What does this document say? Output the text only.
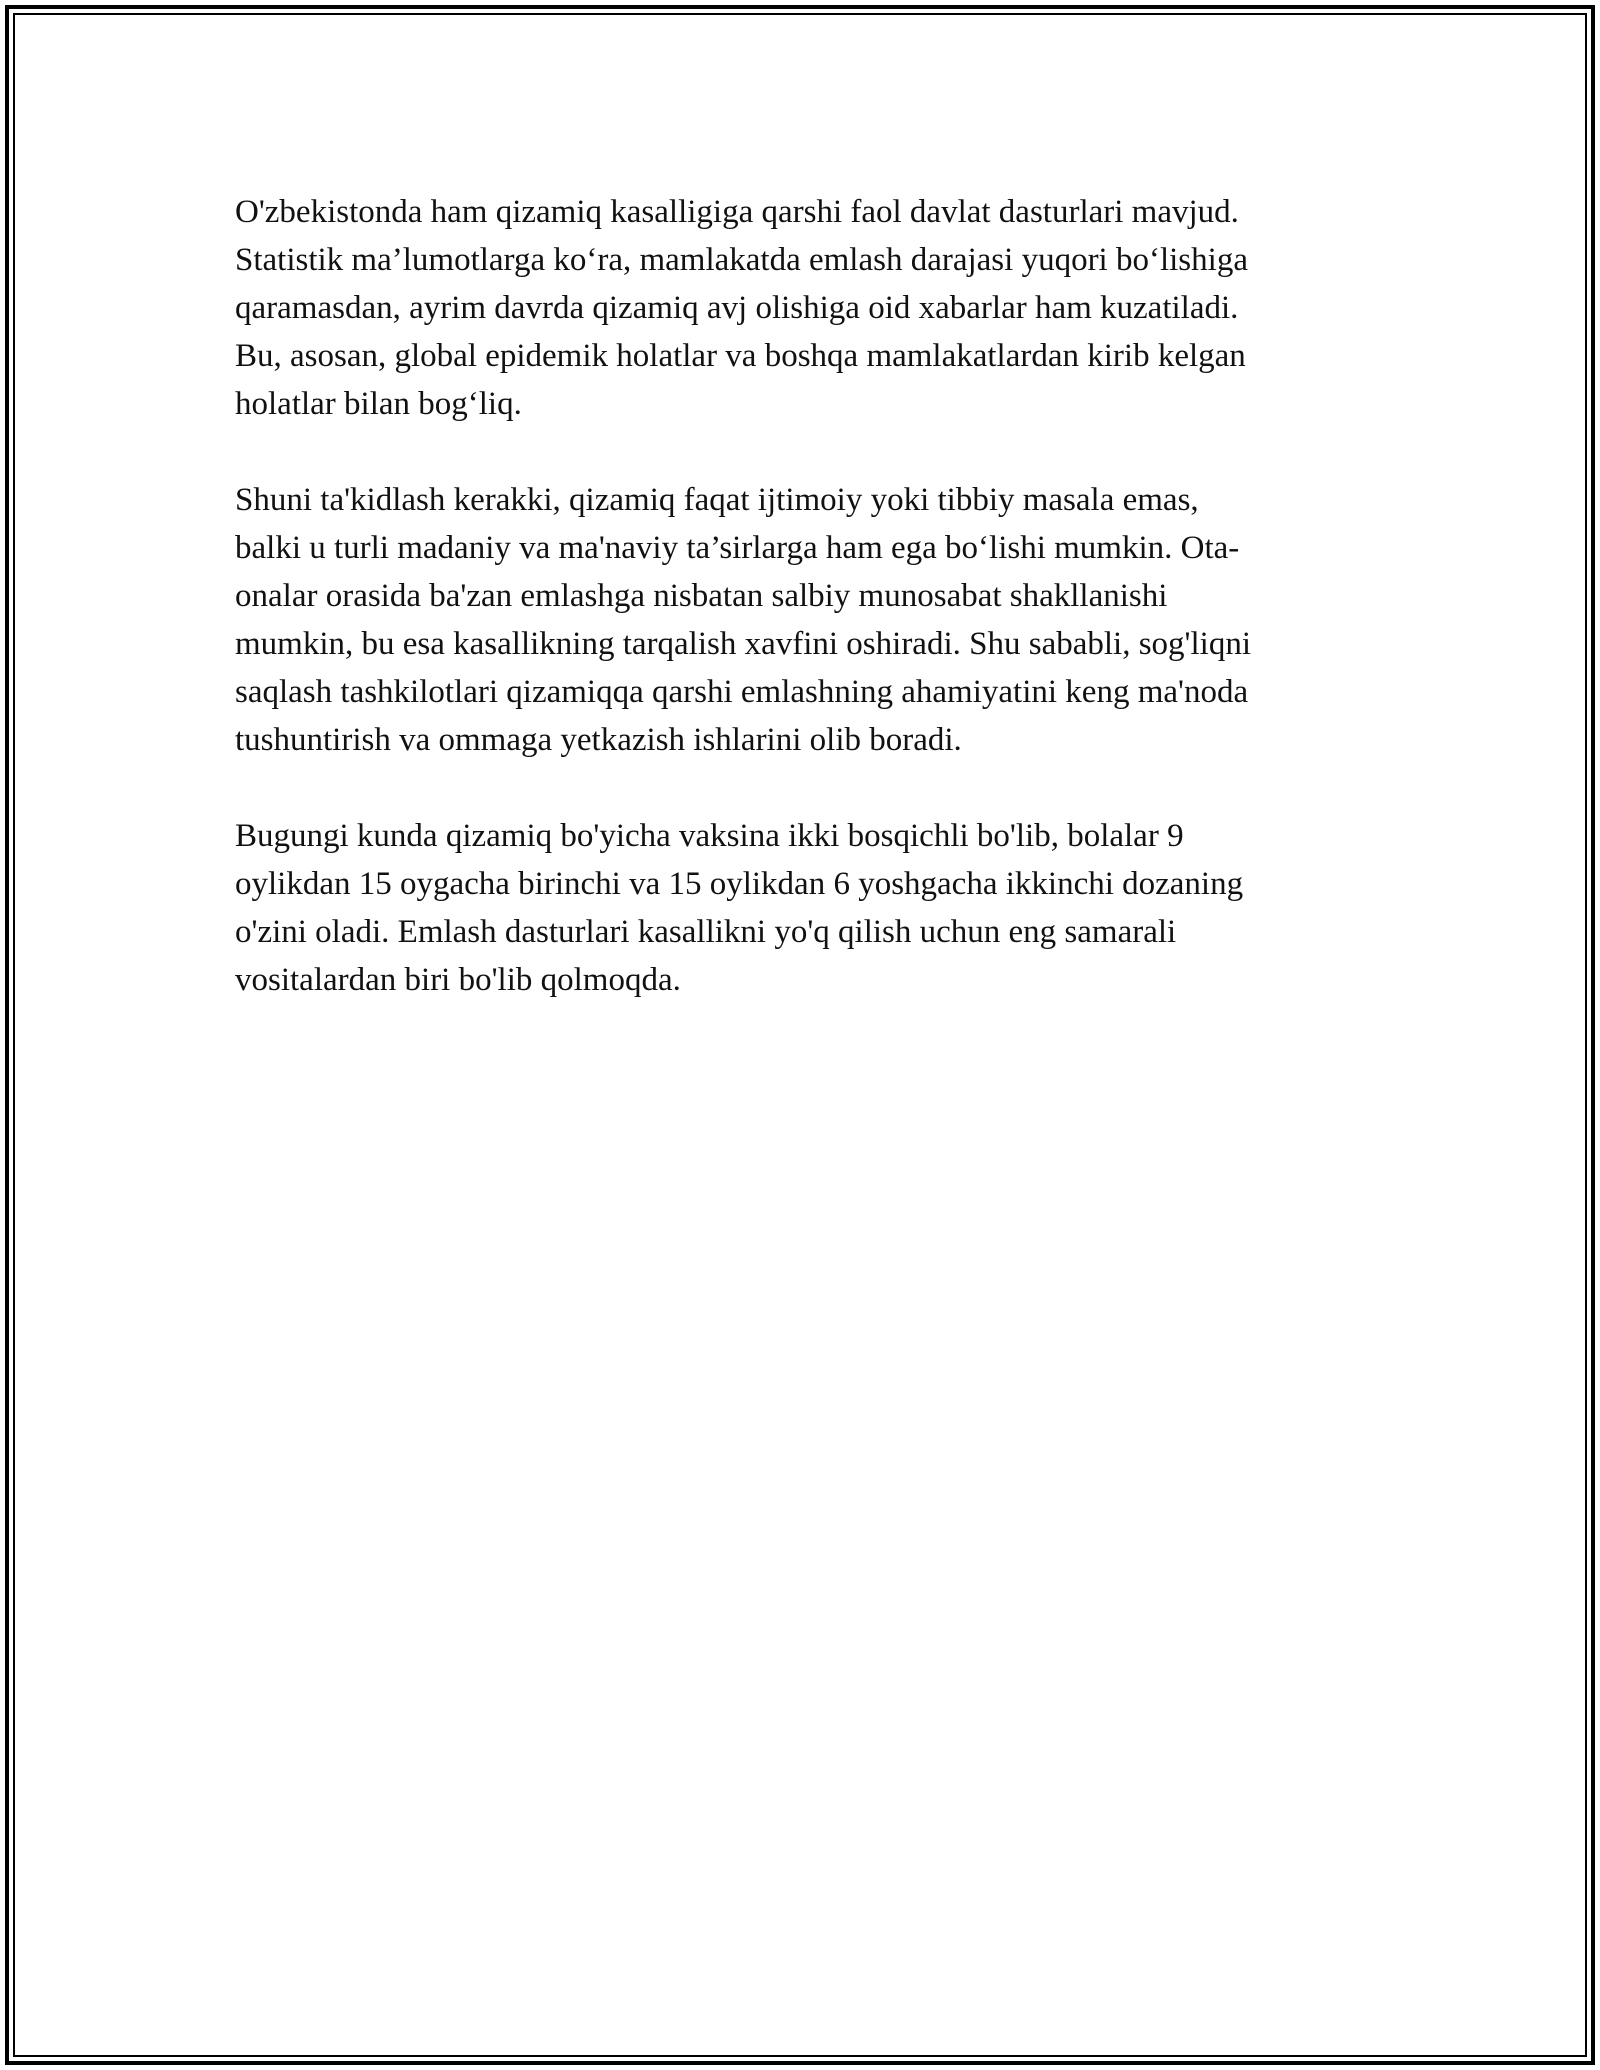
O'zbekistonda ham qizamiq kasalligiga qarshi faol davlat dasturlari mavjud.
Statistik ma’lumotlarga ko‘ra, mamlakatda emlash darajasi yuqori bo‘lishiga
qaramasdan, ayrim davrda qizamiq avj olishiga oid xabarlar ham kuzatiladi.
Bu, asosan, global epidemik holatlar va boshqa mamlakatlardan kirib kelgan
holatlar bilan bog‘liq.

Shuni ta'kidlash kerakki, qizamiq faqat ijtimoiy yoki tibbiy masala emas,
balki u turli madaniy va ma'naviy ta’sirlarga ham ega bo‘lishi mumkin. Ota-
onalar orasida ba'zan emlashga nisbatan salbiy munosabat shakllanishi
mumkin, bu esa kasallikning tarqalish xavfini oshiradi. Shu sababli, sog'liqni
saqlash tashkilotlari qizamiqqa qarshi emlashning ahamiyatini keng ma'noda
tushuntirish va ommaga yetkazish ishlarini olib boradi.

Bugungi kunda qizamiq bo'yicha vaksina ikki bosqichli bo'lib, bolalar 9
oylikdan 15 oygacha birinchi va 15 oylikdan 6 yoshgacha ikkinchi dozaning
o'zini oladi. Emlash dasturlari kasallikni yo'q qilish uchun eng samarali
vositalardan biri bo'lib qolmoqda.
